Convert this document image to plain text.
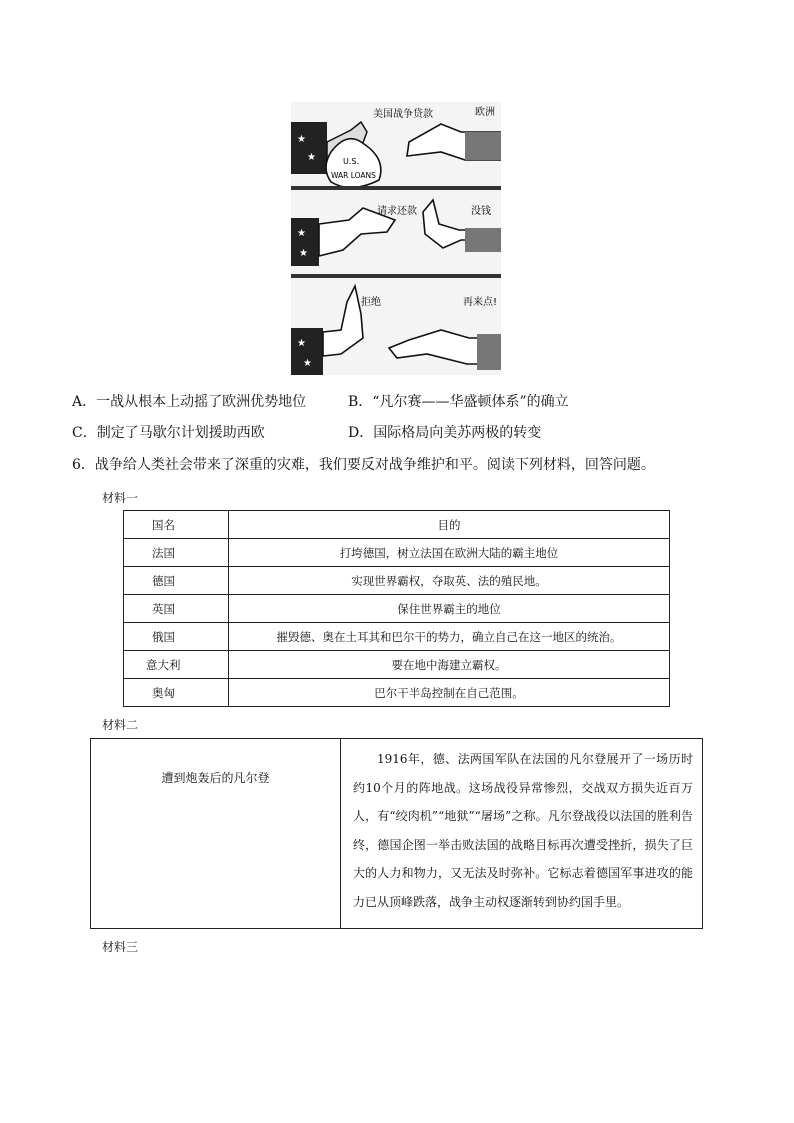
★
★	U.S.
WAR LOANS
美国战争贷款	欧洲
★
★
请求还款	没钱
★
★
拒绝	再来点!
A．一战从根本上动摇了欧洲优势地位	B．“凡尔赛——华盛顿体系”的确立
C．制定了马歇尔计划援助西欧	D．国际格局向美苏两极的转变
6．战争给人类社会带来了深重的灾难，我们要反对战争维护和平。阅读下列材料，回答问题。
材料一
国名	目的
法国	打垮德国，树立法国在欧洲大陆的霸主地位
德国	实现世界霸权，夺取英、法的殖民地。
英国	保住世界霸主的地位
俄国	摧毁德、奥在土耳其和巴尔干的势力，确立自己在这一地区的统治。
意大利	要在地中海建立霸权。
奥匈	巴尔干半岛控制在自己范围。
材料二
遭到炮轰后的凡尔登
1916年，德、法两国军队在法国的凡尔登展开了一场历时约10个月的阵地战。这场战役异常惨烈，交战双方损失近百万人，有“绞肉机”“地狱”“屠场”之称。凡尔登战役以法国的胜利告终，德国企图一举击败法国的战略目标再次遭受挫折，损失了巨大的人力和物力，又无法及时弥补。它标志着德国军事进攻的能力已从顶峰跌落，战争主动权逐渐转到协约国手里。
材料三
